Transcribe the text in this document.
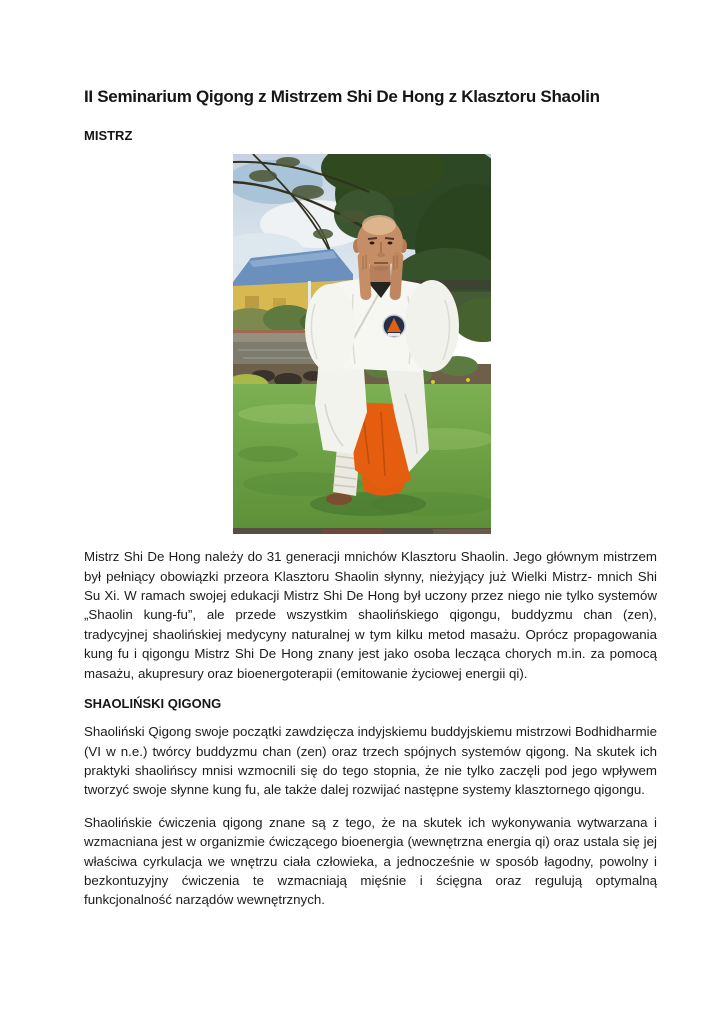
II Seminarium Qigong z Mistrzem Shi De Hong z Klasztoru Shaolin
MISTRZ

Mistrz Shi De Hong należy do 31 generacji mnichów Klasztoru Shaolin. Jego głównym mistrzem był pełniący obowiązki przeora Klasztoru Shaolin słynny, nieżyjący już Wielki Mistrz- mnich Shi Su Xi. W ramach swojej edukacji Mistrz Shi De Hong był uczony przez niego nie tylko systemów „Shaolin kung-fu”, ale przede wszystkim shaolińskiego qigongu, buddyzmu chan (zen), tradycyjnej shaolińskiej medycyny naturalnej w tym kilku metod masażu. Oprócz propagowania kung fu i qigongu Mistrz Shi De Hong znany jest jako osoba lecząca chorych m.in. za pomocą masażu, akupresury oraz bioenergoterapii (emitowanie życiowej energii qi).

SHAOLIŃSKI QIGONG

Shaoliński Qigong swoje początki zawdzięcza indyjskiemu buddyjskiemu mistrzowi Bodhidharmie (VI w n.e.) twórcy buddyzmu chan (zen) oraz trzech spójnych systemów qigong. Na skutek ich praktyki shaolińscy mnisi wzmocnili się do tego stopnia, że nie tylko zaczęli pod jego wpływem tworzyć swoje słynne kung fu, ale także dalej rozwijać następne systemy klasztornego qigongu.

Shaolińskie ćwiczenia qigong znane są z tego, że na skutek ich wykonywania wytwarzana i wzmacniana jest w organizmie ćwiczącego bioenergia (wewnętrzna energia qi) oraz ustala się jej właściwa cyrkulacja we wnętrzu ciała człowieka, a jednocześnie w sposób łagodny, powolny i bezkontuzyjny ćwiczenia te wzmacniają mięśnie i ścięgna oraz regulują optymalną funkcjonalność narządów wewnętrznych.
